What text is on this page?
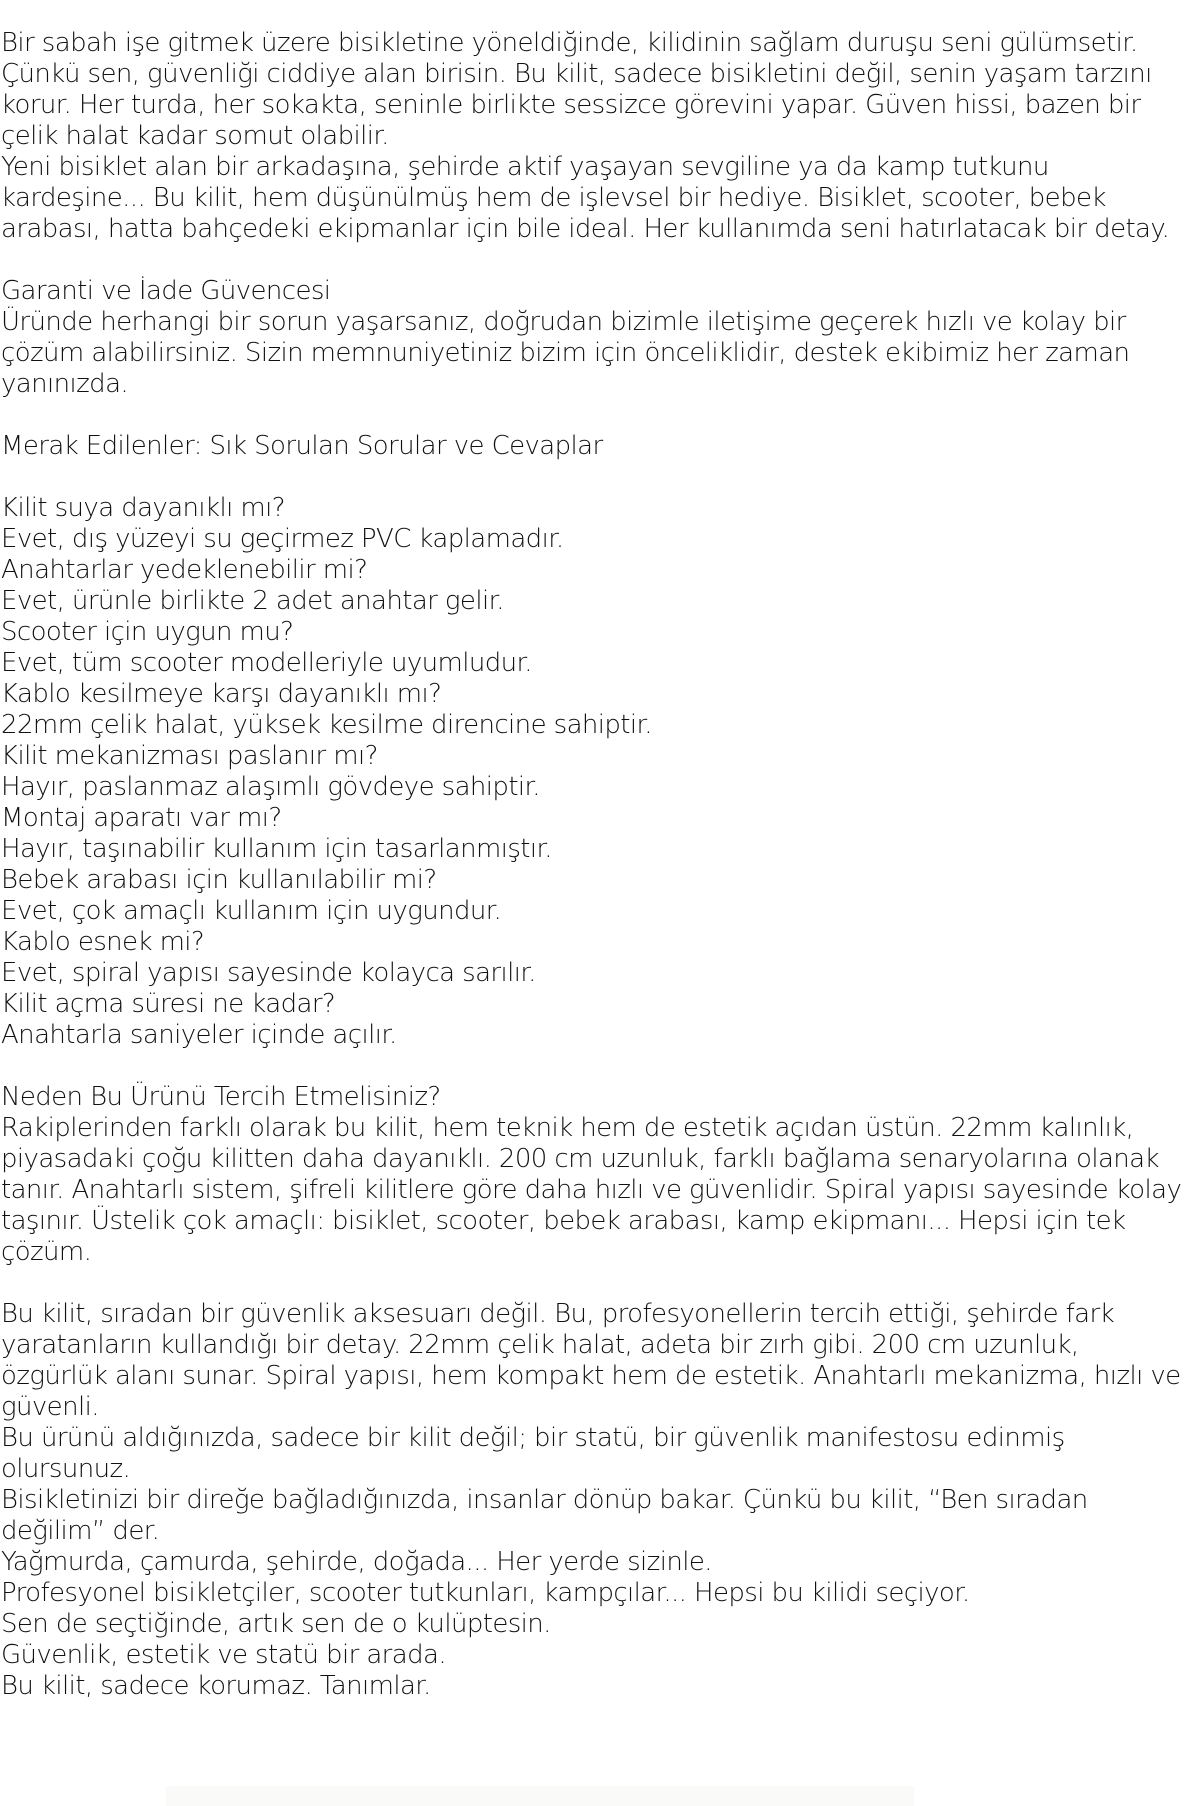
Bir sabah işe gitmek üzere bisikletine yöneldiğinde, kilidinin sağlam duruşu seni gülümsetir. Çünkü sen, güvenliği ciddiye alan birisin. Bu kilit, sadece bisikletini değil, senin yaşam tarzını korur. Her turda, her sokakta, seninle birlikte sessizce görevini yapar. Güven hissi, bazen bir çelik halat kadar somut olabilir.

Yeni bisiklet alan bir arkadaşına, şehirde aktif yaşayan sevgiline ya da kamp tutkunu kardeşine... Bu kilit, hem düşünülmüş hem de işlevsel bir hediye. Bisiklet, scooter, bebek arabası, hatta bahçedeki ekipmanlar için bile ideal. Her kullanımda seni hatırlatacak bir detay.

Garanti ve İade Güvencesi

Üründe herhangi bir sorun yaşarsanız, doğrudan bizimle iletişime geçerek hızlı ve kolay bir çözüm alabilirsiniz. Sizin memnuniyetiniz bizim için önceliklidir, destek ekibimiz her zaman yanınızda.

Merak Edilenler: Sık Sorulan Sorular ve Cevaplar

Kilit suya dayanıklı mı?

Evet, dış yüzeyi su geçirmez PVC kaplamadır.

Anahtarlar yedeklenebilir mi?

Evet, ürünle birlikte 2 adet anahtar gelir.

Scooter için uygun mu?

Evet, tüm scooter modelleriyle uyumludur.

Kablo kesilmeye karşı dayanıklı mı?

22mm çelik halat, yüksek kesilme direncine sahiptir.

Kilit mekanizması paslanır mı?

Hayır, paslanmaz alaşımlı gövdeye sahiptir.

Montaj aparatı var mı?

Hayır, taşınabilir kullanım için tasarlanmıştır.

Bebek arabası için kullanılabilir mi?

Evet, çok amaçlı kullanım için uygundur.

Kablo esnek mi?

Evet, spiral yapısı sayesinde kolayca sarılır.

Kilit açma süresi ne kadar?

Anahtarla saniyeler içinde açılır.

Neden Bu Ürünü Tercih Etmelisiniz?

Rakiplerinden farklı olarak bu kilit, hem teknik hem de estetik açıdan üstün. 22mm kalınlık, piyasadaki çoğu kilitten daha dayanıklı. 200 cm uzunluk, farklı bağlama senaryolarına olanak tanır. Anahtarlı sistem, şifreli kilitlere göre daha hızlı ve güvenlidir. Spiral yapısı sayesinde kolay taşınır. Üstelik çok amaçlı: bisiklet, scooter, bebek arabası, kamp ekipmanı... Hepsi için tek çözüm.

Bu kilit, sıradan bir güvenlik aksesuarı değil. Bu, profesyonellerin tercih ettiği, şehirde fark yaratanların kullandığı bir detay. 22mm çelik halat, adeta bir zırh gibi. 200 cm uzunluk, özgürlük alanı sunar. Spiral yapısı, hem kompakt hem de estetik. Anahtarlı mekanizma, hızlı ve güvenli.

Bu ürünü aldığınızda, sadece bir kilit değil; bir statü, bir güvenlik manifestosu edinmiş olursunuz.

Bisikletinizi bir direğe bağladığınızda, insanlar dönüp bakar. Çünkü bu kilit, “Ben sıradan değilim” der.

Yağmurda, çamurda, şehirde, doğada... Her yerde sizinle.

Profesyonel bisikletçiler, scooter tutkunları, kampçılar... Hepsi bu kilidi seçiyor.

Sen de seçtiğinde, artık sen de o kulüptesin.

Güvenlik, estetik ve statü bir arada.

Bu kilit, sadece korumaz. Tanımlar.
